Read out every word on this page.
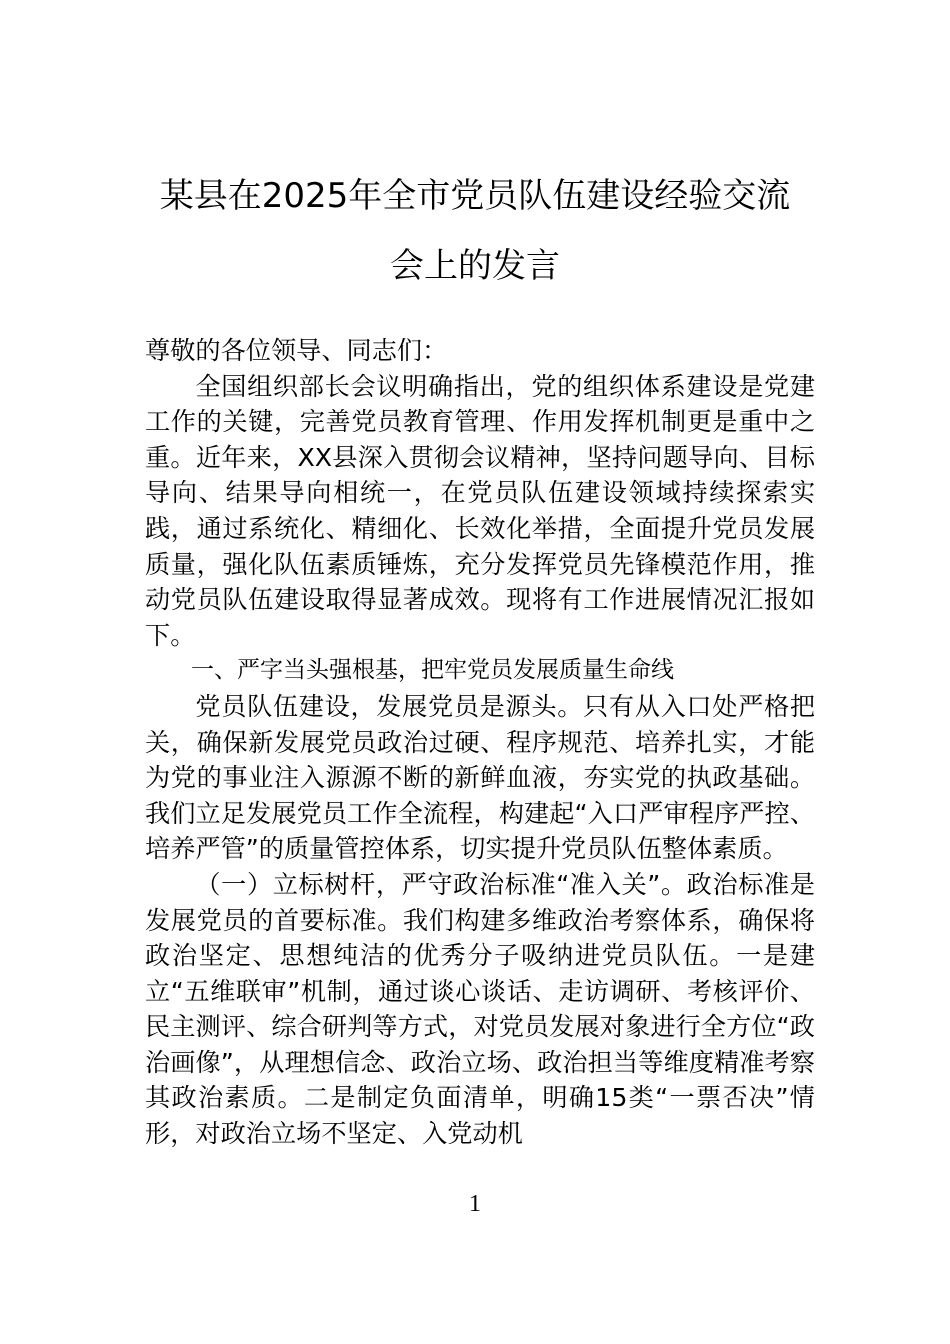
某县在2025年全市党员队伍建设经验交流
会上的发言

尊敬的各位领导、同志们：

全国组织部长会议明确指出，党的组织体系建设是党建工作的关键，完善党员教育管理、作用发挥机制更是重中之重。近年来，XX县深入贯彻会议精神，坚持问题导向、目标导向、结果导向相统一，在党员队伍建设领域持续探索实践，通过系统化、精细化、长效化举措，全面提升党员发展质量，强化队伍素质锤炼，充分发挥党员先锋模范作用，推动党员队伍建设取得显著成效。现将有工作进展情况汇报如下。

一、严字当头强根基，把牢党员发展质量生命线

党员队伍建设，发展党员是源头。只有从入口处严格把关，确保新发展党员政治过硬、程序规范、培养扎实，才能为党的事业注入源源不断的新鲜血液，夯实党的执政基础。我们立足发展党员工作全流程，构建起“入口严审程序严控、培养严管”的质量管控体系，切实提升党员队伍整体素质。

（一）立标树杆，严守政治标准“准入关”。政治标准是发展党员的首要标准。我们构建多维政治考察体系，确保将政治坚定、思想纯洁的优秀分子吸纳进党员队伍。一是建立“五维联审”机制，通过谈心谈话、走访调研、考核评价、民主测评、综合研判等方式，对党员发展对象进行全方位“政治画像”，从理想信念、政治立场、政治担当等维度精准考察其政治素质。二是制定负面清单，明确15类“一票否决”情形，对政治立场不坚定、入党动机

1
